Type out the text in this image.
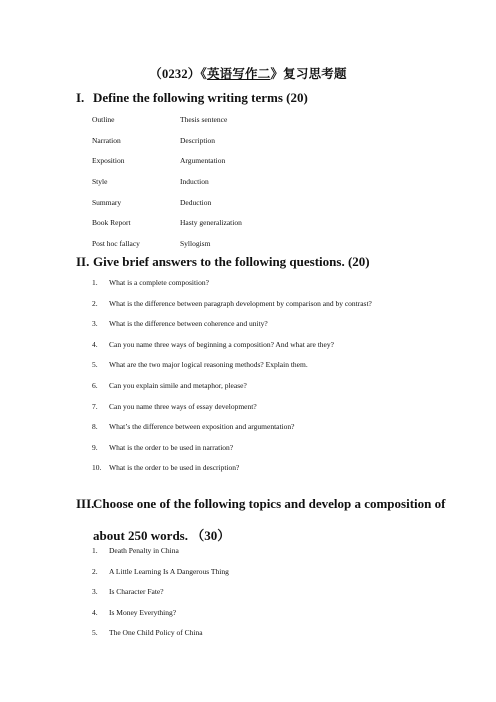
（0232）《英语写作二》复习思考题
I. Define the following writing terms (20)
Outline	Thesis sentence
Narration	Description
Exposition	Argumentation
Style	Induction
Summary	Deduction
Book Report	Hasty generalization
Post hoc fallacy	Syllogism
II. Give brief answers to the following questions. (20)
1. What is a complete composition?
2. What is the difference between paragraph development by comparison and by contrast?
3. What is the difference between coherence and unity?
4. Can you name three ways of beginning a composition? And what are they?
5. What are the two major logical reasoning methods? Explain them.
6. Can you explain simile and metaphor, please?
7. Can you name three ways of essay development?
8. What’s the difference between exposition and argumentation?
9. What is the order to be used in narration?
10. What is the order to be used in description?
III.Choose one of the following topics and develop a composition of
about 250 words. （30）
1. Death Penalty in China
2. A Little Learning Is A Dangerous Thing
3. Is Character Fate?
4. Is Money Everything?
5. The One Child Policy of China
